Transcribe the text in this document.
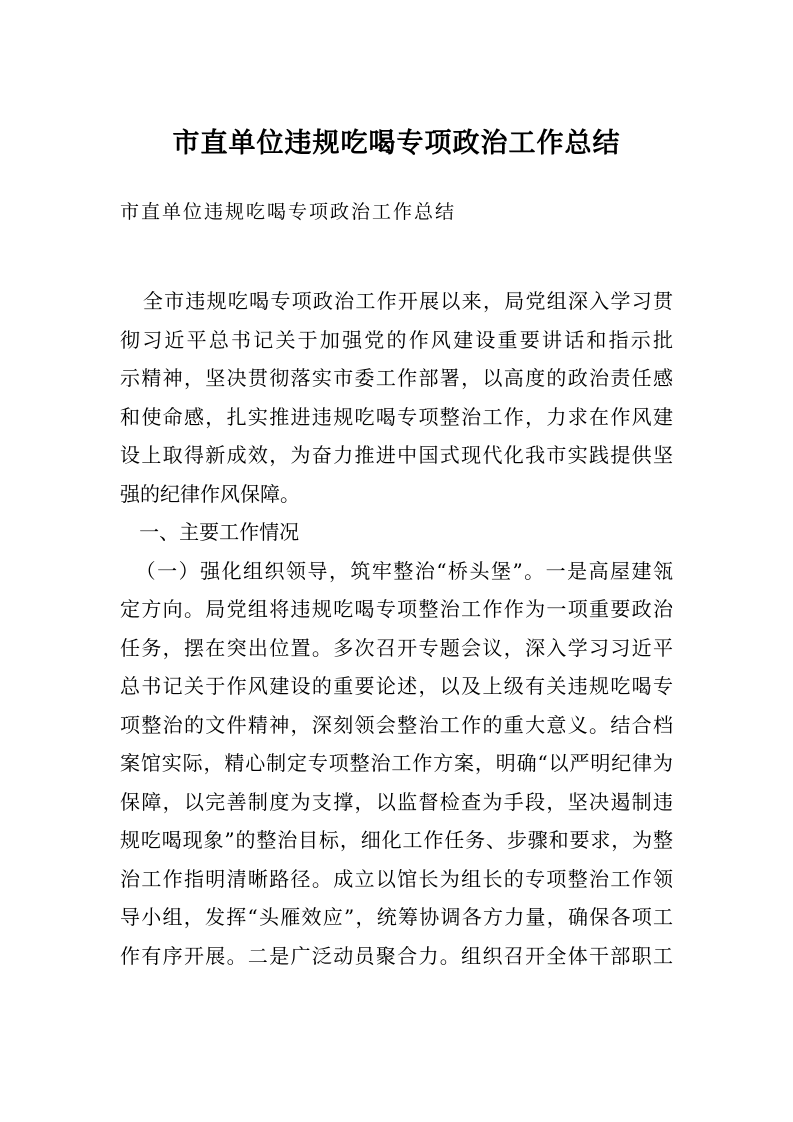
市直单位违规吃喝专项政治工作总结

市直单位违规吃喝专项政治工作总结

全市违规吃喝专项政治工作开展以来，局党组深入学习贯
彻习近平总书记关于加强党的作风建设重要讲话和指示批
示精神，坚决贯彻落实市委工作部署，以高度的政治责任感
和使命感，扎实推进违规吃喝专项整治工作，力求在作风建
设上取得新成效，为奋力推进中国式现代化我市实践提供坚
强的纪律作风保障。
一、主要工作情况
（一）强化组织领导，筑牢整治“桥头堡”。一是高屋建瓴
定方向。局党组将违规吃喝专项整治工作作为一项重要政治
任务，摆在突出位置。多次召开专题会议，深入学习习近平
总书记关于作风建设的重要论述，以及上级有关违规吃喝专
项整治的文件精神，深刻领会整治工作的重大意义。结合档
案馆实际，精心制定专项整治工作方案，明确“以严明纪律为
保障，以完善制度为支撑，以监督检查为手段，坚决遏制违
规吃喝现象”的整治目标，细化工作任务、步骤和要求，为整
治工作指明清晰路径。成立以馆长为组长的专项整治工作领
导小组，发挥“头雁效应”，统筹协调各方力量，确保各项工
作有序开展。二是广泛动员聚合力。组织召开全体干部职工
